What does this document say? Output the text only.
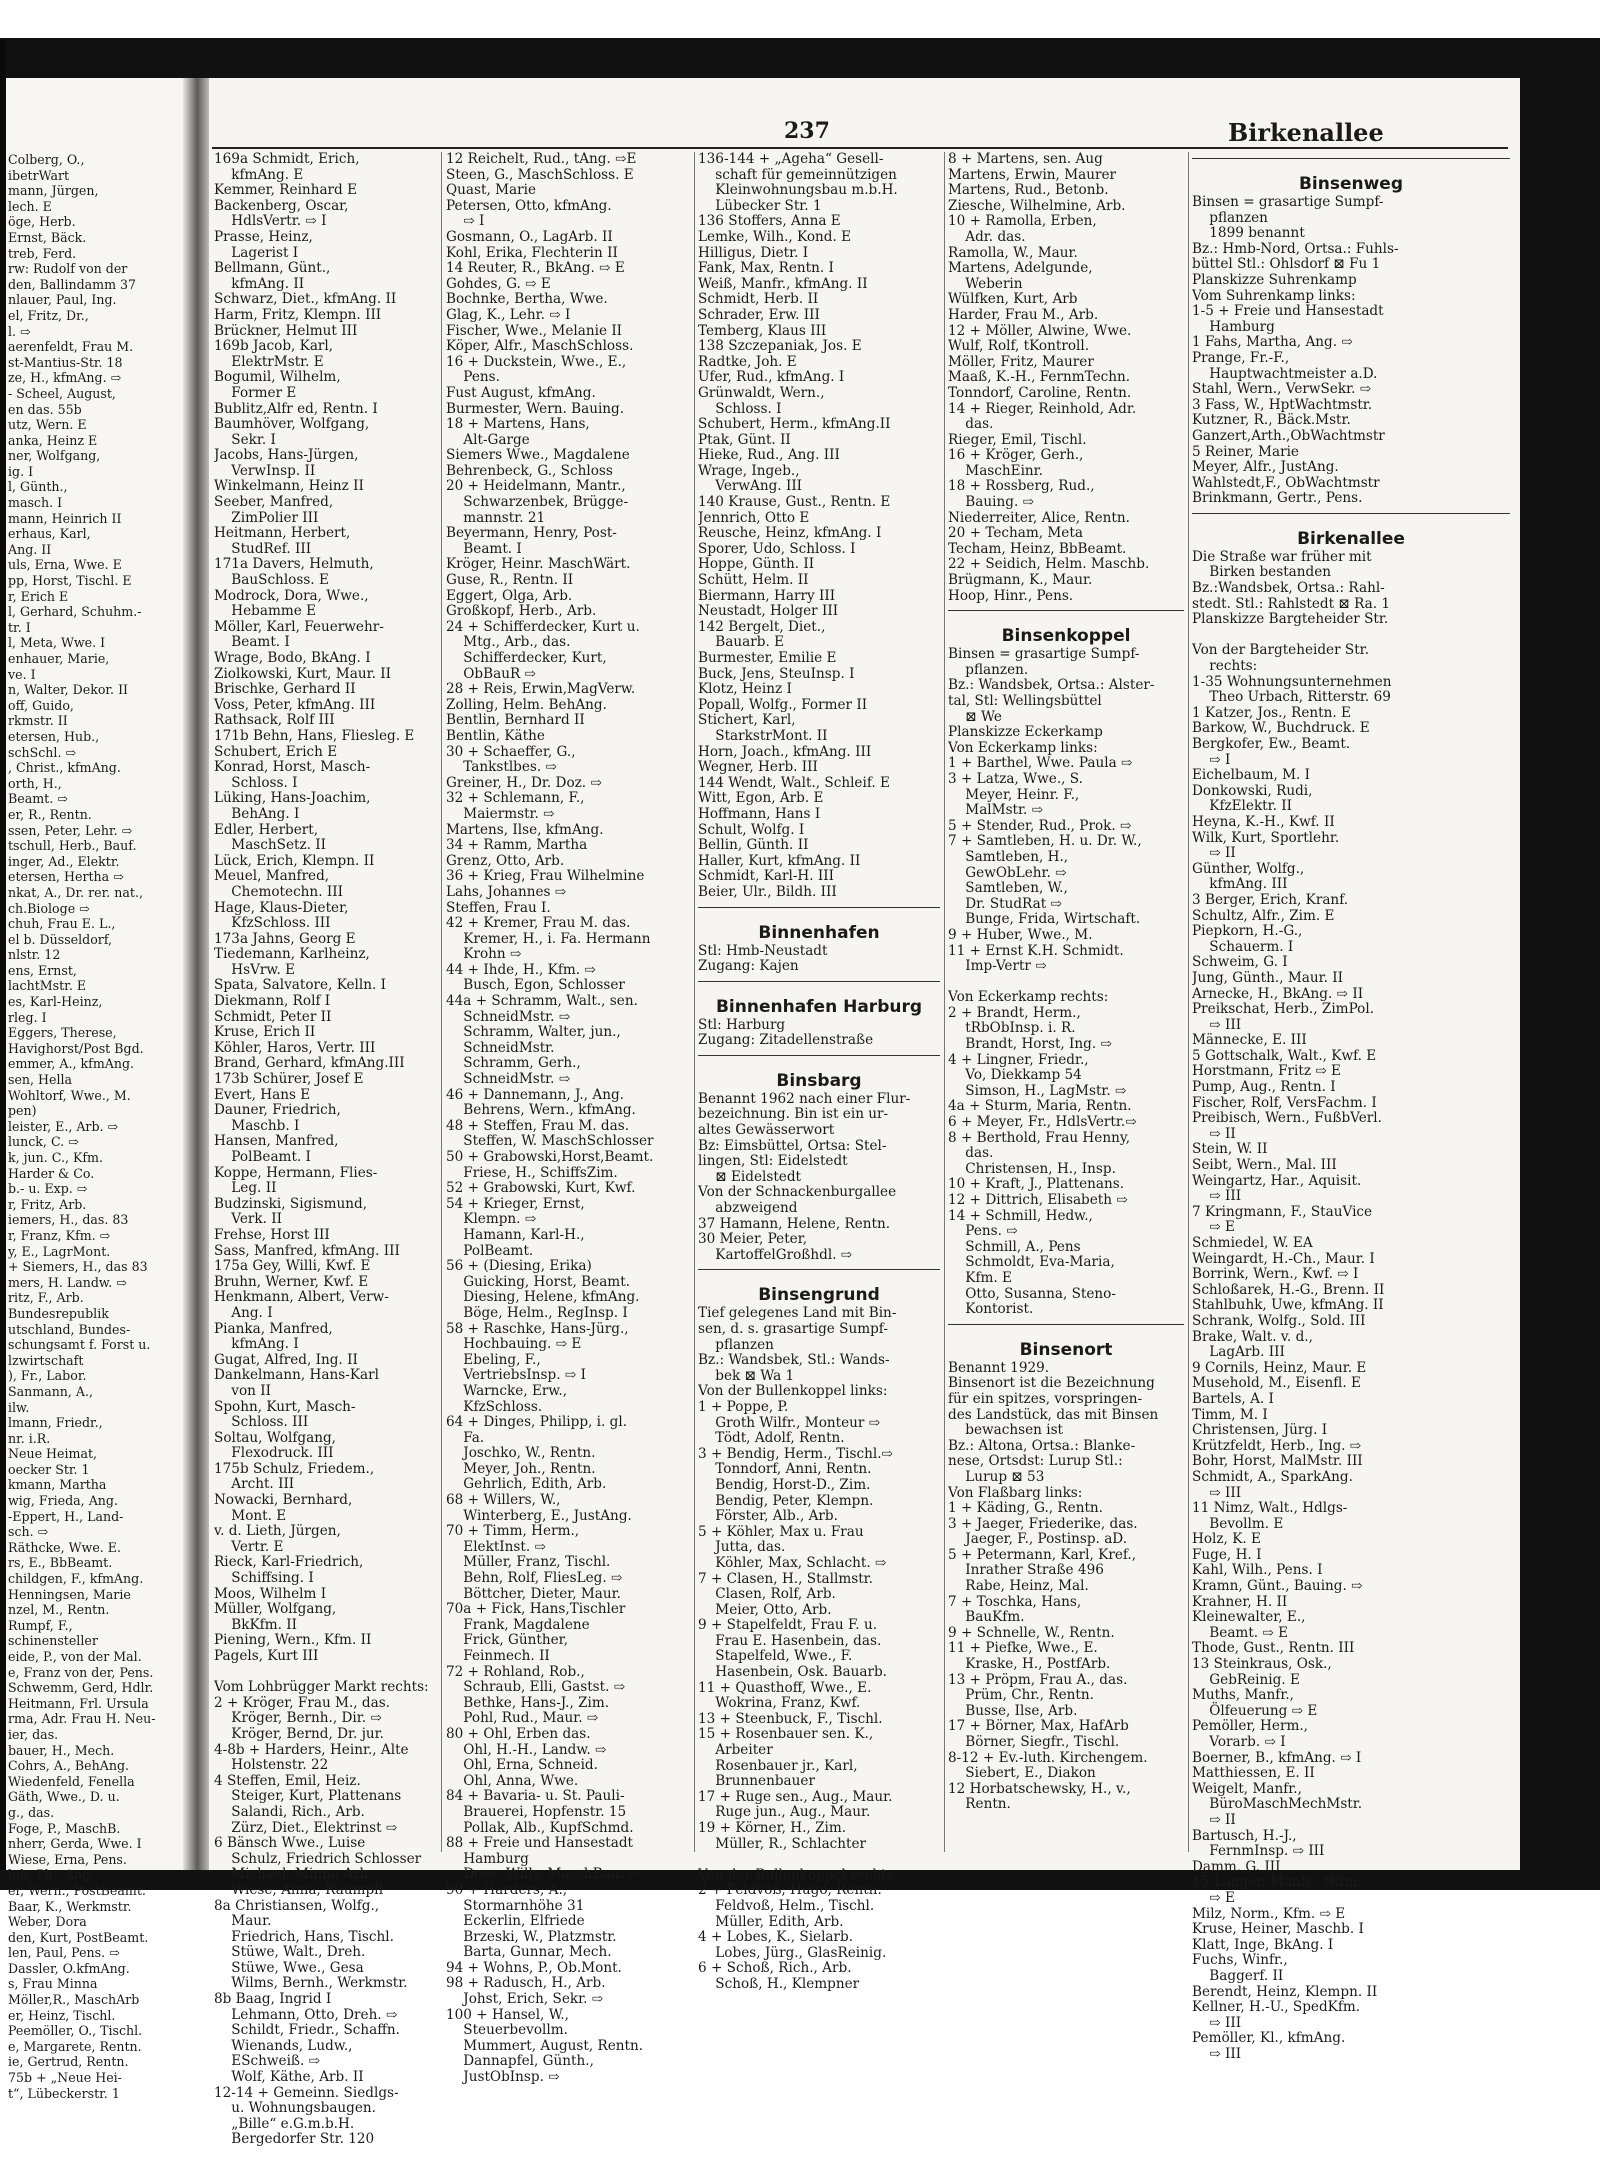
237	Birkenallee
Colberg, O.,
ibetrWart
mann, Jürgen,
lech. E
öge, Herb.
Ernst, Bäck.
treb, Ferd.
rw: Rudolf von der
den, Ballindamm 37
nlauer, Paul, Ing.
el, Fritz, Dr.,
l. ⇨
aerenfeldt, Frau M.
st-Mantius-Str. 18
ze, H., kfmAng. ⇨
- Scheel, August,
en das. 55b
utz, Wern. E
anka, Heinz E
ner, Wolfgang,
ig. I
l, Günth.,
masch. I
mann, Heinrich II
erhaus, Karl,
Ang. II
uls, Erna, Wwe. E
pp, Horst, Tischl. E
r, Erich E
l, Gerhard, Schuhm.-
tr. I
l, Meta, Wwe. I
enhauer, Marie,
ve. I
n, Walter, Dekor. II
off, Guido,
rkmstr. II
etersen, Hub.,
schSchl. ⇨
, Christ., kfmAng.
orth, H.,
Beamt. ⇨
er, R., Rentn.
ssen, Peter, Lehr. ⇨
tschull, Herb., Bauf.
inger, Ad., Elektr.
etersen, Hertha ⇨
nkat, A., Dr. rer. nat.,
ch.Biologe ⇨
chuh, Frau E. L.,
el b. Düsseldorf,
nlstr. 12
ens, Ernst,
lachtMstr. E
es, Karl-Heinz,
rleg. I
Eggers, Therese,
Havighorst/Post Bgd.
emmer, A., kfmAng.
sen, Hella
Wohltorf, Wwe., M.
pen)
leister, E., Arb. ⇨
lunck, C. ⇨
k, jun. C., Kfm.
Harder & Co.
b.- u. Exp. ⇨
r, Fritz, Arb.
iemers, H., das. 83
r, Franz, Kfm. ⇨
y, E., LagrMont.
+ Siemers, H., das 83
mers, H. Landw. ⇨
ritz, F., Arb.
Bundesrepublik
utschland, Bundes-
schungsamt f. Forst u.
lzwirtschaft
), Fr., Labor.
Sanmann, A.,
ilw.
lmann, Friedr.,
nr. i.R.
Neue Heimat,
oecker Str. 1
kmann, Martha
wig, Frieda, Ang.
-Eppert, H., Land-
sch. ⇨
Räthcke, Wwe. E.
rs, E., BbBeamt.
childgen, F., kfmAng.
Henningsen, Marie
nzel, M., Rentn.
Rumpf, F.,
schinensteller
eide, P., von der Mal.
e, Franz von der, Pens.
Schwemm, Gerd, Hdlr.
Heitmann, Frl. Ursula
rma, Adr. Frau H. Neu-
ier, das.
bauer, H., Mech.
Cohrs, A., BehAng.
Wiedenfeld, Fenella
Gäth, Wwe., D. u.
g., das.
Foge, P., MaschB.
nherr, Gerda, Wwe. I
Wiese, Erna, Pens.
lph, Ph., Ang.
er, Wern., PostBeamt.
Baar, K., Werkmstr.
Weber, Dora
den, Kurt, PostBeamt.
len, Paul, Pens. ⇨
Dassler, O.kfmAng.
s, Frau Minna
Möller,R., MaschArb
er, Heinz, Tischl.
Peemöller, O., Tischl.
e, Margarete, Rentn.
ie, Gertrud, Rentn.
75b + „Neue Hei-
t“, Lübeckerstr. 1
169a Schmidt, Erich,
kfmAng. E
Kemmer, Reinhard E
Backenberg, Oscar,
HdlsVertr. ⇨ I
Prasse, Heinz,
Lagerist I
Bellmann, Günt.,
kfmAng. II
Schwarz, Diet., kfmAng. II
Harm, Fritz, Klempn. III
Brückner, Helmut III
169b Jacob, Karl,
ElektrMstr. E
Bogumil, Wilhelm,
Former E
Bublitz,Alfr ed, Rentn. I
Baumhöver, Wolfgang,
Sekr. I
Jacobs, Hans-Jürgen,
VerwInsp. II
Winkelmann, Heinz II
Seeber, Manfred,
ZimPolier III
Heitmann, Herbert,
StudRef. III
171a Davers, Helmuth,
BauSchloss. E
Modrock, Dora, Wwe.,
Hebamme E
Möller, Karl, Feuerwehr-
Beamt. I
Wrage, Bodo, BkAng. I
Ziolkowski, Kurt, Maur. II
Brischke, Gerhard II
Voss, Peter, kfmAng. III
Rathsack, Rolf III
171b Behn, Hans, Fliesleg. E
Schubert, Erich E
Konrad, Horst, Masch-
Schloss. I
Lüking, Hans-Joachim,
BehAng. I
Edler, Herbert,
MaschSetz. II
Lück, Erich, Klempn. II
Meuel, Manfred,
Chemotechn. III
Hage, Klaus-Dieter,
KfzSchloss. III
173a Jahns, Georg E
Tiedemann, Karlheinz,
HsVrw. E
Spata, Salvatore, Kelln. I
Diekmann, Rolf I
Schmidt, Peter II
Kruse, Erich II
Köhler, Haros, Vertr. III
Brand, Gerhard, kfmAng.III
173b Schürer, Josef E
Evert, Hans E
Dauner, Friedrich,
Maschb. I
Hansen, Manfred,
PolBeamt. I
Koppe, Hermann, Flies-
Leg. II
Budzinski, Sigismund,
Verk. II
Frehse, Horst III
Sass, Manfred, kfmAng. III
175a Gey, Willi, Kwf. E
Bruhn, Werner, Kwf. E
Henkmann, Albert, Verw-
Ang. I
Pianka, Manfred,
kfmAng. I
Gugat, Alfred, Ing. II
Dankelmann, Hans-Karl
von II
Spohn, Kurt, Masch-
Schloss. III
Soltau, Wolfgang,
Flexodruck. III
175b Schulz, Friedem.,
Archt. III
Nowacki, Bernhard,
Mont. E
v. d. Lieth, Jürgen,
Vertr. E
Rieck, Karl-Friedrich,
Schiffsing. I
Moos, Wilhelm I
Müller, Wolfgang,
BkKfm. II
Piening, Wern., Kfm. II
Pagels, Kurt III
Vom Lohbrügger Markt rechts:
2 + Kröger, Frau M., das.
Kröger, Bernh., Dir. ⇨
Kröger, Bernd, Dr. jur.
4-8b + Harders, Heinr., Alte
Holstenstr. 22
4 Steffen, Emil, Heiz.
Steiger, Kurt, Plattenans
Salandi, Rich., Arb.
Zürz, Diet., Elektrinst ⇨
6 Bänsch Wwe., Luise
Schulz, Friedrich Schlosser
Michael, Minna Arb
Wiese, Anna, Raumpfl
8a Christiansen, Wolfg.,
Maur.
Friedrich, Hans, Tischl.
Stüwe, Walt., Dreh.
Stüwe, Wwe., Gesa
Wilms, Bernh., Werkmstr.
8b Baag, Ingrid I
Lehmann, Otto, Dreh. ⇨
Schildt, Friedr., Schaffn.
Wienands, Ludw.,
ESchweiß. ⇨
Wolf, Käthe, Arb. II
12-14 + Gemeinn. Siedlgs-
u. Wohnungsbaugen.
„Bille“ e.G.m.b.H.
Bergedorfer Str. 120
12 Reichelt, Rud., tAng. ⇨E
Steen, G., MaschSchloss. E
Quast, Marie
Petersen, Otto, kfmAng.
⇨ I
Gosmann, O., LagArb. II
Kohl, Erika, Flechterin II
14 Reuter, R., BkAng. ⇨ E
Gohdes, G. ⇨ E
Bochnke, Bertha, Wwe.
Glag, K., Lehr. ⇨ I
Fischer, Wwe., Melanie II
Köper, Alfr., MaschSchloss.
16 + Duckstein, Wwe., E.,
Pens.
Fust August, kfmAng.
Burmester, Wern. Bauing.
18 + Martens, Hans,
Alt-Garge
Siemers Wwe., Magdalene
Behrenbeck, G., Schloss
20 + Heidelmann, Mantr.,
Schwarzenbek, Brügge-
mannstr. 21
Beyermann, Henry, Post-
Beamt. I
Kröger, Heinr. MaschWärt.
Guse, R., Rentn. II
Eggert, Olga, Arb.
Großkopf, Herb., Arb.
24 + Schifferdecker, Kurt u.
Mtg., Arb., das.
Schifferdecker, Kurt,
ObBauR ⇨
28 + Reis, Erwin,MagVerw.
Zolling, Helm. BehAng.
Bentlin, Bernhard II
Bentlin, Käthe
30 + Schaeffer, G.,
Tankstlbes. ⇨
Greiner, H., Dr. Doz. ⇨
32 + Schlemann, F.,
Maiermstr. ⇨
Martens, Ilse, kfmAng.
34 + Ramm, Martha
Grenz, Otto, Arb.
36 + Krieg, Frau Wilhelmine
Lahs, Johannes ⇨
Steffen, Frau I.
42 + Kremer, Frau M. das.
Kremer, H., i. Fa. Hermann
Krohn ⇨
44 + Ihde, H., Kfm. ⇨
Busch, Egon, Schlosser
44a + Schramm, Walt., sen.
SchneidMstr. ⇨
Schramm, Walter, jun.,
SchneidMstr.
Schramm, Gerh.,
SchneidMstr. ⇨
46 + Dannemann, J., Ang.
Behrens, Wern., kfmAng.
48 + Steffen, Frau M. das.
Steffen, W. MaschSchlosser
50 + Grabowski,Horst,Beamt.
Friese, H., SchiffsZim.
52 + Grabowski, Kurt, Kwf.
54 + Krieger, Ernst,
Klempn. ⇨
Hamann, Karl-H.,
PolBeamt.
56 + (Diesing, Erika)
Guicking, Horst, Beamt.
Diesing, Helene, kfmAng.
Böge, Helm., RegInsp. I
58 + Raschke, Hans-Jürg.,
Hochbauing. ⇨ E
Ebeling, F.,
VertriebsInsp. ⇨ I
Warncke, Erw.,
KfzSchloss.
64 + Dinges, Philipp, i. gl.
Fa.
Joschko, W., Rentn.
Meyer, Joh., Rentn.
Gehrlich, Edith, Arb.
68 + Willers, W.,
Winterberg, E., JustAng.
70 + Timm, Herm.,
ElektInst. ⇨
Müller, Franz, Tischl.
Behn, Rolf, FliesLeg. ⇨
Böttcher, Dieter, Maur.
70a + Fick, Hans,Tischler
Frank, Magdalene
Frick, Günther,
Feinmech. II
72 + Rohland, Rob.,
Schraub, Elli, Gastst. ⇨
Bethke, Hans-J., Zim.
Pohl, Rud., Maur. ⇨
80 + Ohl, Erben das.
Ohl, H.-H., Landw. ⇨
Ohl, Erna, Schneid.
Ohl, Anna, Wwe.
84 + Bavaria- u. St. Pauli-
Brauerei, Hopfenstr. 15
Pollak, Alb., KupfSchmd.
88 + Freie und Hansestadt
Hamburg
Dose, Willy, MaschBau. ⇨
90 + Harders, A.,
Stormarnhöhe 31
Eckerlin, Elfriede
Brzeski, W., Platzmstr.
Barta, Gunnar, Mech.
94 + Wohns, P., Ob.Mont.
98 + Radusch, H., Arb.
Johst, Erich, Sekr. ⇨
100 + Hansel, W.,
Steuerbevollm.
Mummert, August, Rentn.
Dannapfel, Günth.,
JustObInsp. ⇨
136-144 + „Ageha“ Gesell-
schaft für gemeinnützigen
Kleinwohnungsbau m.b.H.
Lübecker Str. 1
136 Stoffers, Anna E
Lemke, Wilh., Kond. E
Hilligus, Dietr. I
Fank, Max, Rentn. I
Weiß, Manfr., kfmAng. II
Schmidt, Herb. II
Schrader, Erw. III
Temberg, Klaus III
138 Szczepaniak, Jos. E
Radtke, Joh. E
Ufer, Rud., kfmAng. I
Grünwaldt, Wern.,
Schloss. I
Schubert, Herm., kfmAng.II
Ptak, Günt. II
Hieke, Rud., Ang. III
Wrage, Ingeb.,
VerwAng. III
140 Krause, Gust., Rentn. E
Jennrich, Otto E
Reusche, Heinz, kfmAng. I
Sporer, Udo, Schloss. I
Hoppe, Günth. II
Schütt, Helm. II
Biermann, Harry III
Neustadt, Holger III
142 Bergelt, Diet.,
Bauarb. E
Burmester, Emilie E
Buck, Jens, SteuInsp. I
Klotz, Heinz I
Popall, Wolfg., Former II
Stichert, Karl,
StarkstrMont. II
Horn, Joach., kfmAng. III
Wegner, Herb. III
144 Wendt, Walt., Schleif. E
Witt, Egon, Arb. E
Hoffmann, Hans I
Schult, Wolfg. I
Bellin, Günth. II
Haller, Kurt, kfmAng. II
Schmidt, Karl-H. III
Beier, Ulr., Bildh. III
Binnenhafen
Stl: Hmb-Neustadt
Zugang: Kajen
Binnenhafen Harburg
Stl: Harburg
Zugang: Zitadellenstraße
Binsbarg
Benannt 1962 nach einer Flur-
bezeichnung. Bin ist ein ur-
altes Gewässerwort
Bz: Eimsbüttel, Ortsa: Stel-
lingen, Stl: Eidelstedt
⊠ Eidelstedt
Von der Schnackenburgallee
abzweigend
37 Hamann, Helene, Rentn.
30 Meier, Peter,
KartoffelGroßhdl. ⇨
Binsengrund
Tief gelegenes Land mit Bin-
sen, d. s. grasartige Sumpf-
pflanzen
Bz.: Wandsbek, Stl.: Wands-
bek ⊠ Wa 1
Von der Bullenkoppel links:
1 + Poppe, P.
Groth Wilfr., Monteur ⇨
Tödt, Adolf, Rentn.
3 + Bendig, Herm., Tischl.⇨
Tonndorf, Anni, Rentn.
Bendig, Horst-D., Zim.
Bendig, Peter, Klempn.
Förster, Alb., Arb.
5 + Köhler, Max u. Frau
Jutta, das.
Köhler, Max, Schlacht. ⇨
7 + Clasen, H., Stallmstr.
Clasen, Rolf, Arb.
Meier, Otto, Arb.
9 + Stapelfeldt, Frau F. u.
Frau E. Hasenbein, das.
Stapelfeld, Wwe., F.
Hasenbein, Osk. Bauarb.
11 + Quasthoff, Wwe., E.
Wokrina, Franz, Kwf.
13 + Steenbuck, F., Tischl.
15 + Rosenbauer sen. K.,
Arbeiter
Rosenbauer jr., Karl,
Brunnenbauer
17 + Ruge sen., Aug., Maur.
Ruge jun., Aug., Maur.
19 + Körner, H., Zim.
Müller, R., Schlachter
Von der Bullenkoppel rechts:
2 + Feldvoß, Hugo, Rentn.
Feldvoß, Helm., Tischl.
Müller, Edith, Arb.
4 + Lobes, K., Sielarb.
Lobes, Jürg., GlasReinig.
6 + Schoß, Rich., Arb.
Schoß, H., Klempner
8 + Martens, sen. Aug
Martens, Erwin, Maurer
Martens, Rud., Betonb.
Ziesche, Wilhelmine, Arb.
10 + Ramolla, Erben,
Adr. das.
Ramolla, W., Maur.
Martens, Adelgunde,
Weberin
Wülfken, Kurt, Arb
Harder, Frau M., Arb.
12 + Möller, Alwine, Wwe.
Wulf, Rolf, tKontroll.
Möller, Fritz, Maurer
Maaß, K.-H., FernmTechn.
Tonndorf, Caroline, Rentn.
14 + Rieger, Reinhold, Adr.
das.
Rieger, Emil, Tischl.
16 + Kröger, Gerh.,
MaschEinr.
18 + Rossberg, Rud.,
Bauing. ⇨
Niederreiter, Alice, Rentn.
20 + Techam, Meta
Techam, Heinz, BbBeamt.
22 + Seidich, Helm. Maschb.
Brügmann, K., Maur.
Hoop, Hinr., Pens.
Binsenkoppel
Binsen = grasartige Sumpf-
pflanzen.
Bz.: Wandsbek, Ortsa.: Alster-
tal, Stl: Wellingsbüttel
⊠ We
Planskizze Eckerkamp
Von Eckerkamp links:
1 + Barthel, Wwe. Paula ⇨
3 + Latza, Wwe., S.
Meyer, Heinr. F.,
MalMstr. ⇨
5 + Stender, Rud., Prok. ⇨
7 + Samtleben, H. u. Dr. W.,
Samtleben, H.,
GewObLehr. ⇨
Samtleben, W.,
Dr. StudRat ⇨
Bunge, Frida, Wirtschaft.
9 + Huber, Wwe., M.
11 + Ernst K.H. Schmidt.
Imp-Vertr ⇨
Von Eckerkamp rechts:
2 + Brandt, Herm.,
tRbObInsp. i. R.
Brandt, Horst, Ing. ⇨
4 + Lingner, Friedr.,
Vo, Diekkamp 54
Simson, H., LagMstr. ⇨
4a + Sturm, Maria, Rentn.
6 + Meyer, Fr., HdlsVertr.⇨
8 + Berthold, Frau Henny,
das.
Christensen, H., Insp.
10 + Kraft, J., Plattenans.
12 + Dittrich, Elisabeth ⇨
14 + Schmill, Hedw.,
Pens. ⇨
Schmill, A., Pens
Schmoldt, Eva-Maria,
Kfm. E
Otto, Susanna, Steno-
Kontorist.
Binsenort
Benannt 1929.
Binsenort ist die Bezeichnung
für ein spitzes, vorspringen-
des Landstück, das mit Binsen
bewachsen ist
Bz.: Altona, Ortsa.: Blanke-
nese, Ortsdst: Lurup Stl.:
Lurup ⊠ 53
Von Flaßbarg links:
1 + Käding, G., Rentn.
3 + Jaeger, Friederike, das.
Jaeger, F., Postinsp. aD.
5 + Petermann, Karl, Kref.,
Inrather Straße 496
Rabe, Heinz, Mal.
7 + Toschka, Hans,
BauKfm.
9 + Schnelle, W., Rentn.
11 + Piefke, Wwe., E.
Kraske, H., PostfArb.
13 + Pröpm, Frau A., das.
Prüm, Chr., Rentn.
Busse, Ilse, Arb.
17 + Börner, Max, HafArb
Börner, Siegfr., Tischl.
8-12 + Ev.-luth. Kirchengem.
Siebert, E., Diakon
12 Horbatschewsky, H., v.,
Rentn.
Binsenweg
Binsen = grasartige Sumpf-
pflanzen
1899 benannt
Bz.: Hmb-Nord, Ortsa.: Fuhls-
büttel Stl.: Ohlsdorf ⊠ Fu 1
Planskizze Suhrenkamp
Vom Suhrenkamp links:
1-5 + Freie und Hansestadt
Hamburg
1 Fahs, Martha, Ang. ⇨
Prange, Fr.-F.,
Hauptwachtmeister a.D.
Stahl, Wern., VerwSekr. ⇨
3 Fass, W., HptWachtmstr.
Kutzner, R., Bäck.Mstr.
Ganzert,Arth.,ObWachtmstr
5 Reiner, Marie
Meyer, Alfr., JustAng.
Wahlstedt,F., ObWachtmstr
Brinkmann, Gertr., Pens.
Birkenallee
Die Straße war früher mit
Birken bestanden
Bz.:Wandsbek, Ortsa.: Rahl-
stedt. Stl.: Rahlstedt ⊠ Ra. 1
Planskizze Bargteheider Str.
Von der Bargteheider Str.
rechts:
1-35 Wohnungsunternehmen
Theo Urbach, Ritterstr. 69
1 Katzer, Jos., Rentn. E
Barkow, W., Buchdruck. E
Bergkofer, Ew., Beamt.
⇨ I
Eichelbaum, M. I
Donkowski, Rudi,
KfzElektr. II
Heyna, K.-H., Kwf. II
Wilk, Kurt, Sportlehr.
⇨ II
Günther, Wolfg.,
kfmAng. III
3 Berger, Erich, Kranf.
Schultz, Alfr., Zim. E
Piepkorn, H.-G.,
Schauerm. I
Schweim, G. I
Jung, Günth., Maur. II
Arnecke, H., BkAng. ⇨ II
Preikschat, Herb., ZimPol.
⇨ III
Männecke, E. III
5 Gottschalk, Walt., Kwf. E
Horstmann, Fritz ⇨ E
Pump, Aug., Rentn. I
Fischer, Rolf, VersFachm. I
Preibisch, Wern., FußbVerl.
⇨ II
Stein, W. II
Seibt, Wern., Mal. III
Weingartz, Har., Aquisit.
⇨ III
7 Kringmann, F., StauVice
⇨ E
Schmiedel, W. EA
Weingardt, H.-Ch., Maur. I
Borrink, Wern., Kwf. ⇨ I
Schloßarek, H.-G., Brenn. II
Stahlbuhk, Uwe, kfmAng. II
Schrank, Wolfg., Sold. III
Brake, Walt. v. d.,
LagArb. III
9 Cornils, Heinz, Maur. E
Musehold, M., Eisenfl. E
Bartels, A. I
Timm, M. I
Christensen, Jürg. I
Krützfeldt, Herb., Ing. ⇨
Bohr, Horst, MalMstr. III
Schmidt, A., SparkAng.
⇨ III
11 Nimz, Walt., Hdlgs-
Bevollm. E
Holz, K. E
Fuge, H. I
Kahl, Wilh., Pens. I
Kramn, Günt., Bauing. ⇨
Krahner, H. II
Kleinewalter, E.,
Beamt. ⇨ E
Thode, Gust., Rentn. III
13 Steinkraus, Osk.,
GebReinig. E
Muths, Manfr.,
Ölfeuerung ⇨ E
Pemöller, Herm.,
Vorarb. ⇨ I
Boerner, B., kfmAng. ⇨ I
Matthiessen, E. II
Weigelt, Manfr.,
BüroMaschMechMstr.
⇨ II
Bartusch, H.-J.,
FernmInsp. ⇨ III
Damm, G. III
15 Langer, Manfr., tKfm.
⇨ E
Milz, Norm., Kfm. ⇨ E
Kruse, Heiner, Maschb. I
Klatt, Inge, BkAng. I
Fuchs, Winfr.,
Baggerf. II
Berendt, Heinz, Klempn. II
Kellner, H.-U., SpedKfm.
⇨ III
Pemöller, Kl., kfmAng.
⇨ III
